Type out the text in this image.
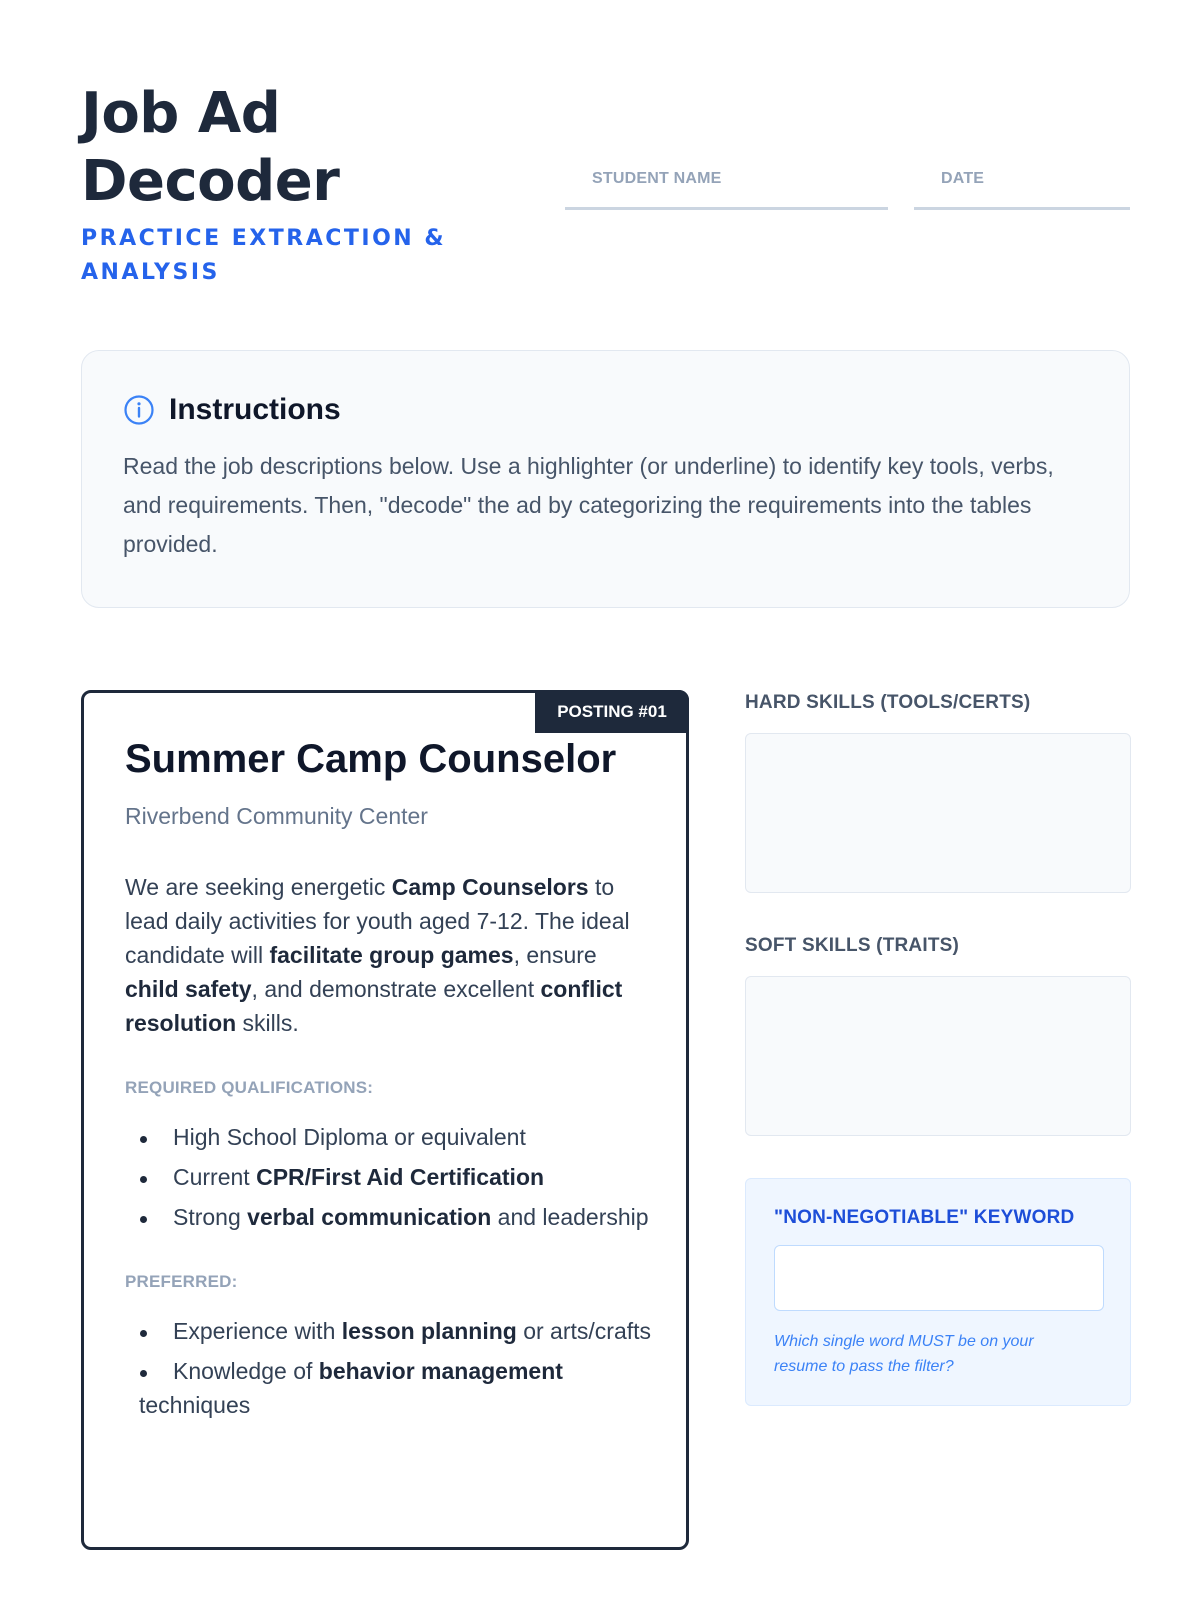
Job Ad Decoder
PRACTICE EXTRACTION & ANALYSIS
STUDENT NAME	DATE
Instructions

Read the job descriptions below. Use a highlighter (or underline) to identify key tools, verbs, and requirements. Then, "decode" the ad by categorizing the requirements into the tables provided.

POSTING #01
Summer Camp Counselor
Riverbend Community Center

We are seeking energetic Camp Counselors to lead daily activities for youth aged 7-12. The ideal candidate will facilitate group games, ensure child safety, and demonstrate excellent conflict resolution skills.

REQUIRED QUALIFICATIONS:
High School Diploma or equivalent
Current CPR/First Aid Certification
Strong verbal communication and leadership
PREFERRED:
Experience with lesson planning or arts/crafts
Knowledge of behavior management techniques
HARD SKILLS (TOOLS/CERTS)
SOFT SKILLS (TRAITS)
"NON-NEGOTIABLE" KEYWORD

Which single word MUST be on your resume to pass the filter?
